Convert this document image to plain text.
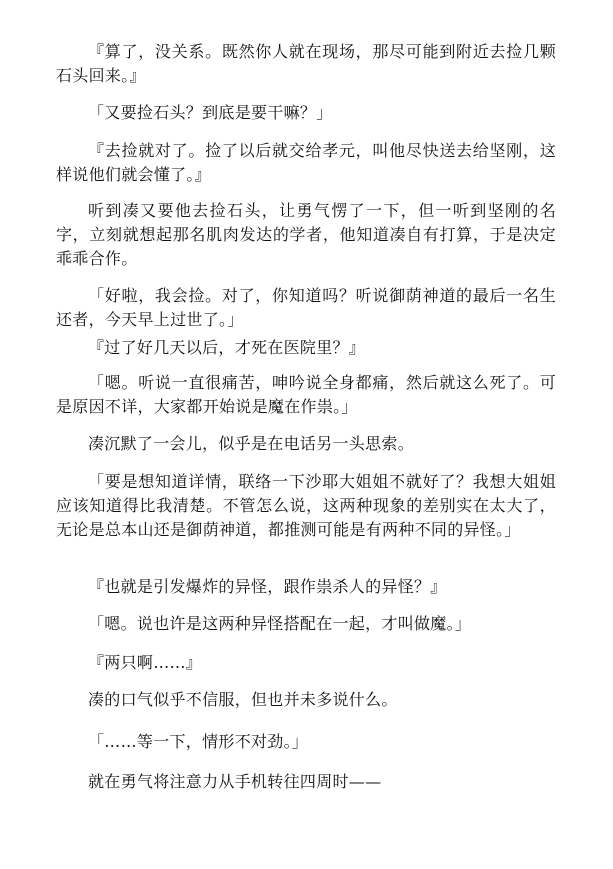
『算了，没关系。既然你人就在现场，那尽可能到附近去捡几颗石头回来。』

「又要捡石头？到底是要干嘛？」

『去捡就对了。捡了以后就交给孝元，叫他尽快送去给坚刚，这样说他们就会懂了。』

听到凑又要他去捡石头，让勇气愣了一下，但一听到坚刚的名字，立刻就想起那名肌肉发达的学者，他知道凑自有打算，于是决定乖乖合作。

「好啦，我会捡。对了，你知道吗？听说御荫神道的最后一名生还者，今天早上过世了。」

『过了好几天以后，才死在医院里？』

「嗯。听说一直很痛苦，呻吟说全身都痛，然后就这么死了。可是原因不详，大家都开始说是魔在作祟。」

凑沉默了一会儿，似乎是在电话另一头思索。

「要是想知道详情，联络一下沙耶大姐姐不就好了？我想大姐姐应该知道得比我清楚。不管怎么说，这两种现象的差别实在太大了，无论是总本山还是御荫神道，都推测可能是有两种不同的异怪。」

『也就是引发爆炸的异怪，跟作祟杀人的异怪？』

「嗯。说也许是这两种异怪搭配在一起，才叫做魔。」

『两只啊……』

凑的口气似乎不信服，但也并未多说什么。

「……等一下，情形不对劲。」

就在勇气将注意力从手机转往四周时——
